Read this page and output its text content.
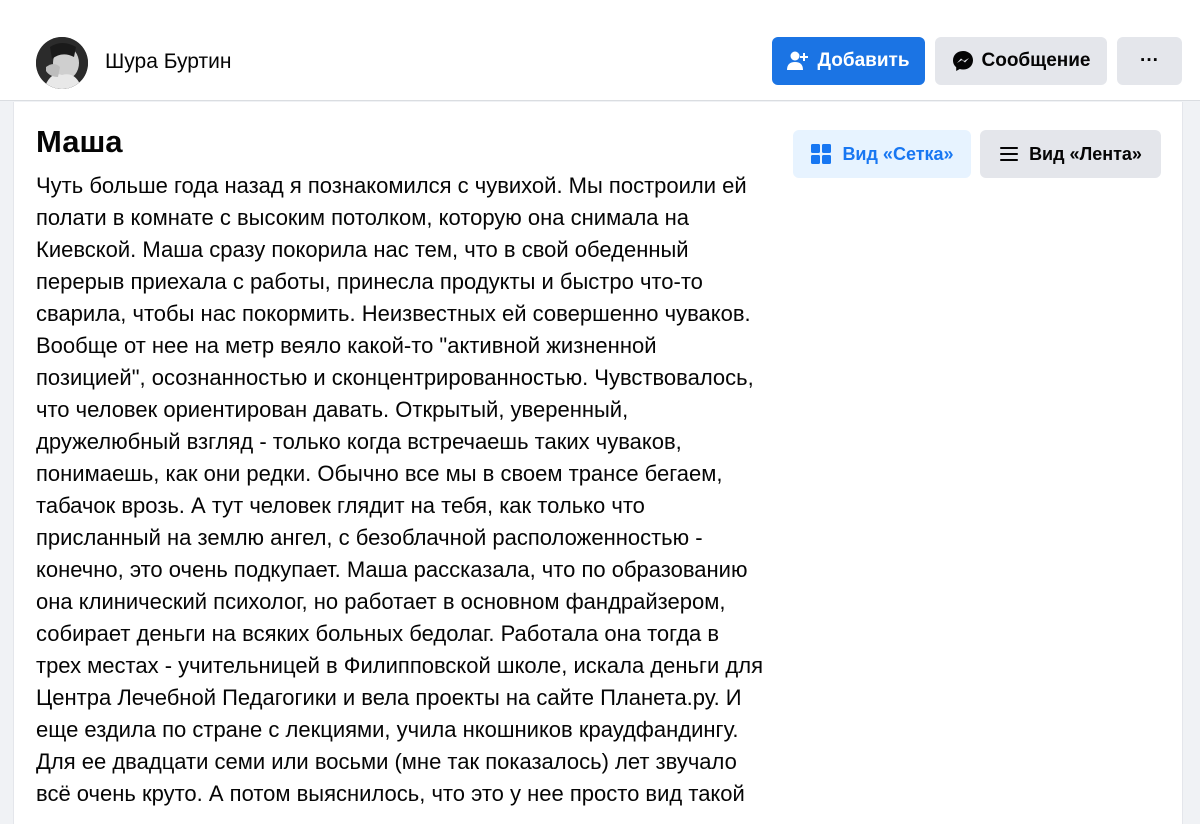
Шура Буртин	Добавить	Сообщение	···
Маша
Чуть больше года назад я познакомился с чувихой. Мы построили ей
полати в комнате с высоким потолком, которую она снимала на
Киевской. Маша сразу покорила нас тем, что в свой обеденный
перерыв приехала с работы, принесла продукты и быстро что-то
сварила, чтобы нас покормить. Неизвестных ей совершенно чуваков.
Вообще от нее на метр веяло какой-то "активной жизненной
позицией", осознанностью и сконцентрированностью. Чувствовалось,
что человек ориентирован давать. Открытый, уверенный,
дружелюбный взгляд - только когда встречаешь таких чуваков,
понимаешь, как они редки. Обычно все мы в своем трансе бегаем,
табачок врозь. А тут человек глядит на тебя, как только что
присланный на землю ангел, с безоблачной расположенностью -
конечно, это очень подкупает. Маша рассказала, что по образованию
она клинический психолог, но работает в основном фандрайзером,
собирает деньги на всяких больных бедолаг. Работала она тогда в
трех местах - учительницей в Филипповской школе, искала деньги для
Центра Лечебной Педагогики и вела проекты на сайте Планета.ру. И
еще ездила по стране с лекциями, учила нкошников краудфандингу.
Для ее двадцати семи или восьми (мне так показалось) лет звучало
всё очень круто. А потом выяснилось, что это у нее просто вид такой
Вид «Сетка»	Вид «Лента»
